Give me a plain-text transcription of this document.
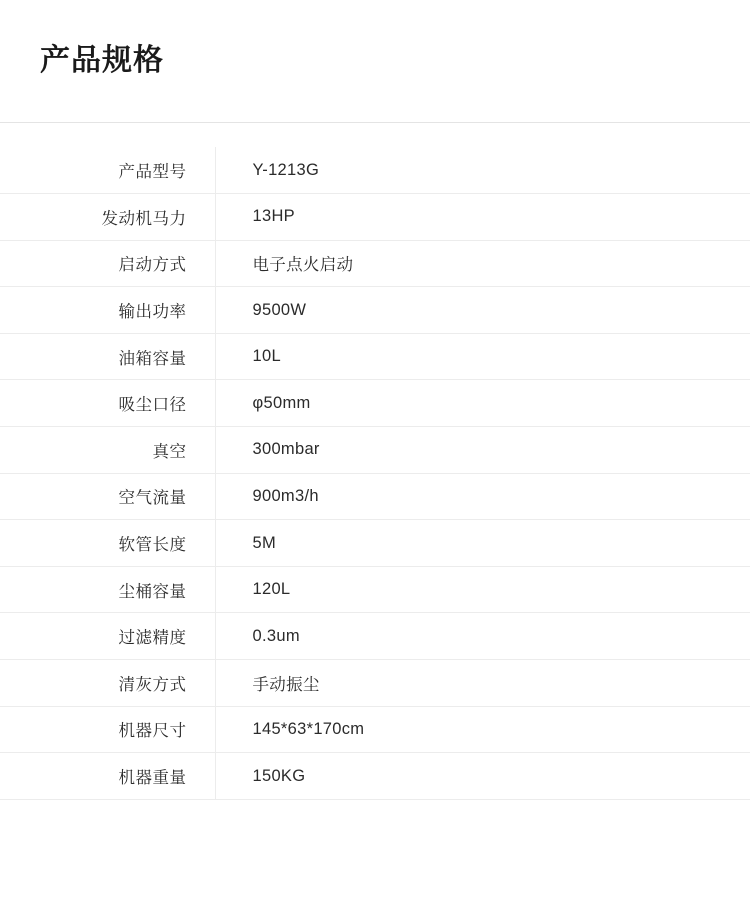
产品规格
产品型号	Y-1213G
发动机马力	13HP
启动方式	电子点火启动
输出功率	9500W
油箱容量	10L
吸尘口径	φ50mm
真空	300mbar
空气流量	900m3/h
软管长度	5M
尘桶容量	120L
过滤精度	0.3um
清灰方式	手动振尘
机器尺寸	145*63*170cm
机器重量	150KG
